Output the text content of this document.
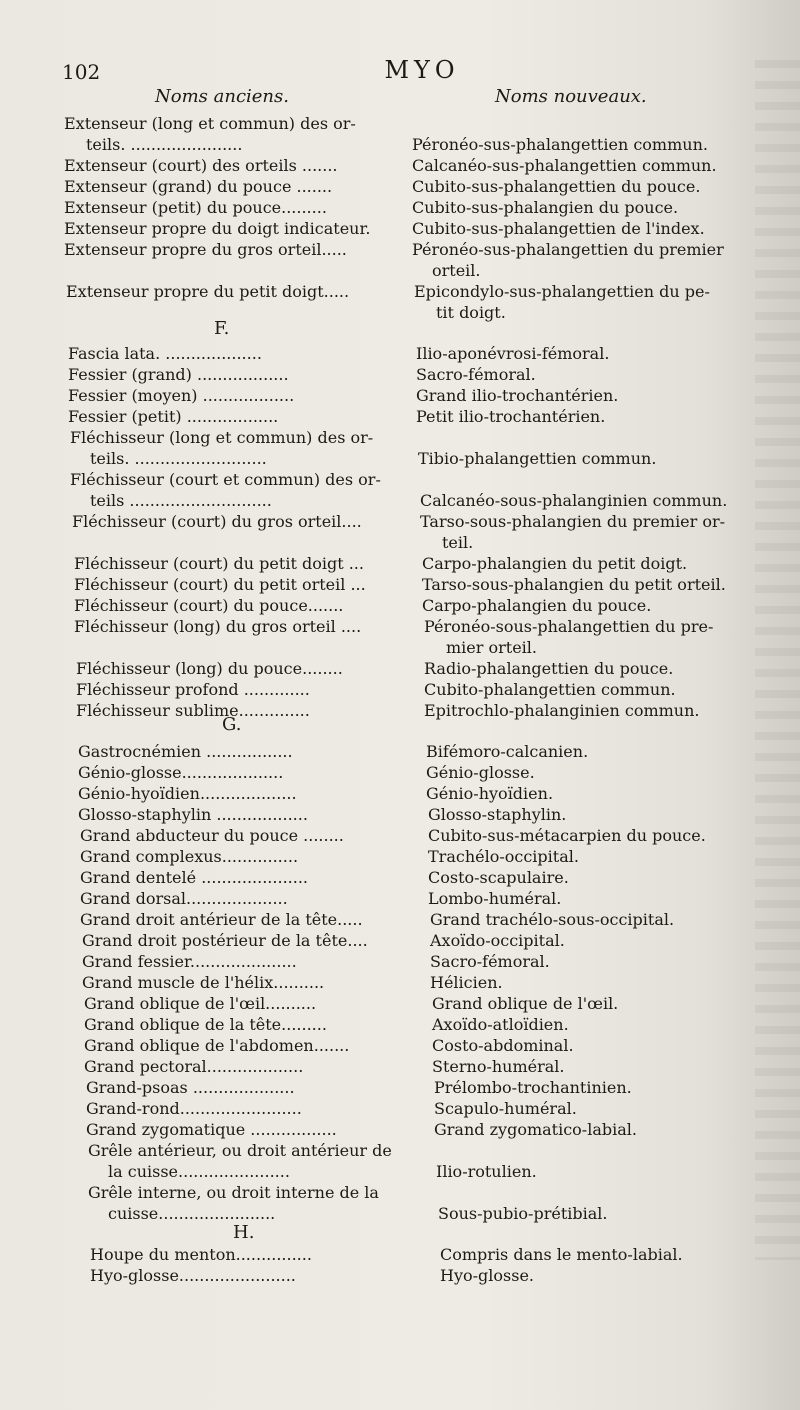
102	MYO
Noms anciens.	Noms nouveaux.
F.
G.
H.
Extenseur (long et commun) des or-
teils. ......................	Péronéo-sus-phalangettien commun.
Extenseur (court) des orteils .......	Calcanéo-sus-phalangettien commun.
Extenseur (grand) du pouce .......	Cubito-sus-phalangettien du pouce.
Extenseur (petit) du pouce.........	Cubito-sus-phalangien du pouce.
Extenseur propre du doigt indicateur.	Cubito-sus-phalangettien de l'index.
Extenseur propre du gros orteil.....	Péronéo-sus-phalangettien du premier
orteil.
Extenseur propre du petit doigt.....	Epicondylo-sus-phalangettien du pe-
tit doigt.
Fascia lata. ...................	Ilio-aponévrosi-fémoral.
Fessier (grand) ..................	Sacro-fémoral.
Fessier (moyen) ..................	Grand ilio-trochantérien.
Fessier (petit) ..................	Petit ilio-trochantérien.
Fléchisseur (long et commun) des or-
teils. ..........................	Tibio-phalangettien commun.
Fléchisseur (court et commun) des or-
teils ............................	Calcanéo-sous-phalanginien commun.
Fléchisseur (court) du gros orteil....	Tarso-sous-phalangien du premier or-
teil.
Fléchisseur (court) du petit doigt ...	Carpo-phalangien du petit doigt.
Fléchisseur (court) du petit orteil ...	Tarso-sous-phalangien du petit orteil.
Fléchisseur (court) du pouce.......	Carpo-phalangien du pouce.
Fléchisseur (long) du gros orteil ....	Péronéo-sous-phalangettien du pre-
mier orteil.
Fléchisseur (long) du pouce........	Radio-phalangettien du pouce.
Fléchisseur profond .............	Cubito-phalangettien commun.
Fléchisseur sublime..............	Epitrochlo-phalanginien commun.
Gastrocnémien .................	Bifémoro-calcanien.
Génio-glosse....................	Génio-glosse.
Génio-hyoïdien...................	Génio-hyoïdien.
Glosso-staphylin ..................	Glosso-staphylin.
Grand abducteur du pouce ........	Cubito-sus-métacarpien du pouce.
Grand complexus...............	Trachélo-occipital.
Grand dentelé .....................	Costo-scapulaire.
Grand dorsal....................	Lombo-huméral.
Grand droit antérieur de la tête.....	Grand trachélo-sous-occipital.
Grand droit postérieur de la tête....	Axoïdo-occipital.
Grand fessier.....................	Sacro-fémoral.
Grand muscle de l'hélix..........	Hélicien.
Grand oblique de l'œil..........	Grand oblique de l'œil.
Grand oblique de la tête.........	Axoïdo-atloïdien.
Grand oblique de l'abdomen.......	Costo-abdominal.
Grand pectoral...................	Sterno-huméral.
Grand-psoas ....................	Prélombo-trochantinien.
Grand-rond........................	Scapulo-huméral.
Grand zygomatique .................	Grand zygomatico-labial.
Grêle antérieur, ou droit antérieur de
la cuisse......................	Ilio-rotulien.
Grêle interne, ou droit interne de la
cuisse.......................	Sous-pubio-prétibial.
Houpe du menton...............	Compris dans le mento-labial.
Hyo-glosse.......................	Hyo-glosse.
